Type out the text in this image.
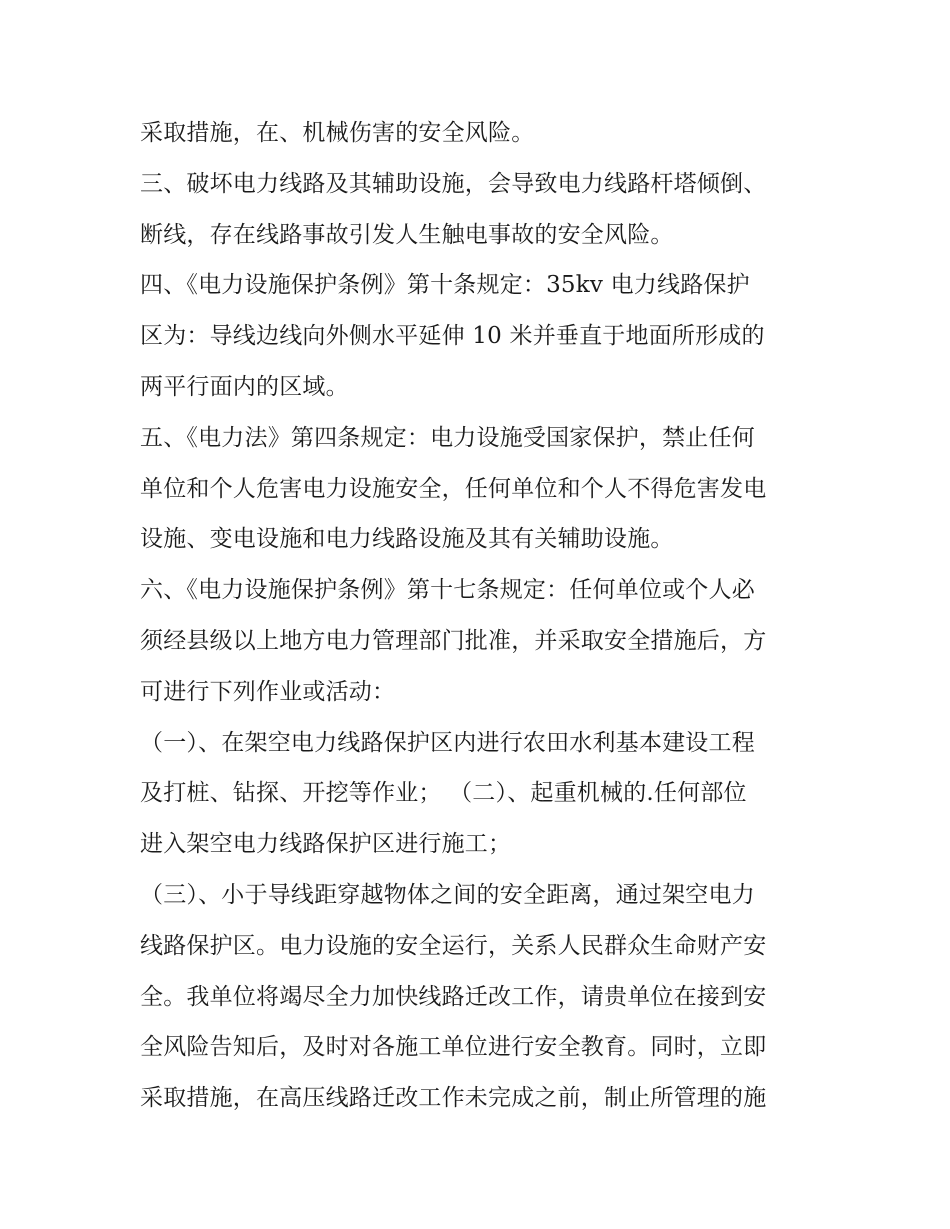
采取措施，在、机械伤害的安全风险。

三、破坏电力线路及其辅助设施，会导致电力线路杆塔倾倒、

断线，存在线路事故引发人生触电事故的安全风险。

四、《电力设施保护条例》第十条规定：35kv 电力线路保护

区为：导线边线向外侧水平延伸 10 米并垂直于地面所形成的

两平行面内的区域。

五、《电力法》第四条规定：电力设施受国家保护，禁止任何

单位和个人危害电力设施安全，任何单位和个人不得危害发电

设施、变电设施和电力线路设施及其有关辅助设施。

六、《电力设施保护条例》第十七条规定：任何单位或个人必

须经县级以上地方电力管理部门批准，并采取安全措施后，方

可进行下列作业或活动：

（一）、在架空电力线路保护区内进行农田水利基本建设工程

及打桩、钻探、开挖等作业； （二）、起重机械的.任何部位

进入架空电力线路保护区进行施工；

（三）、小于导线距穿越物体之间的安全距离，通过架空电力

线路保护区。电力设施的安全运行，关系人民群众生命财产安

全。我单位将竭尽全力加快线路迁改工作，请贵单位在接到安

全风险告知后，及时对各施工单位进行安全教育。同时，立即

采取措施，在高压线路迁改工作未完成之前，制止所管理的施
